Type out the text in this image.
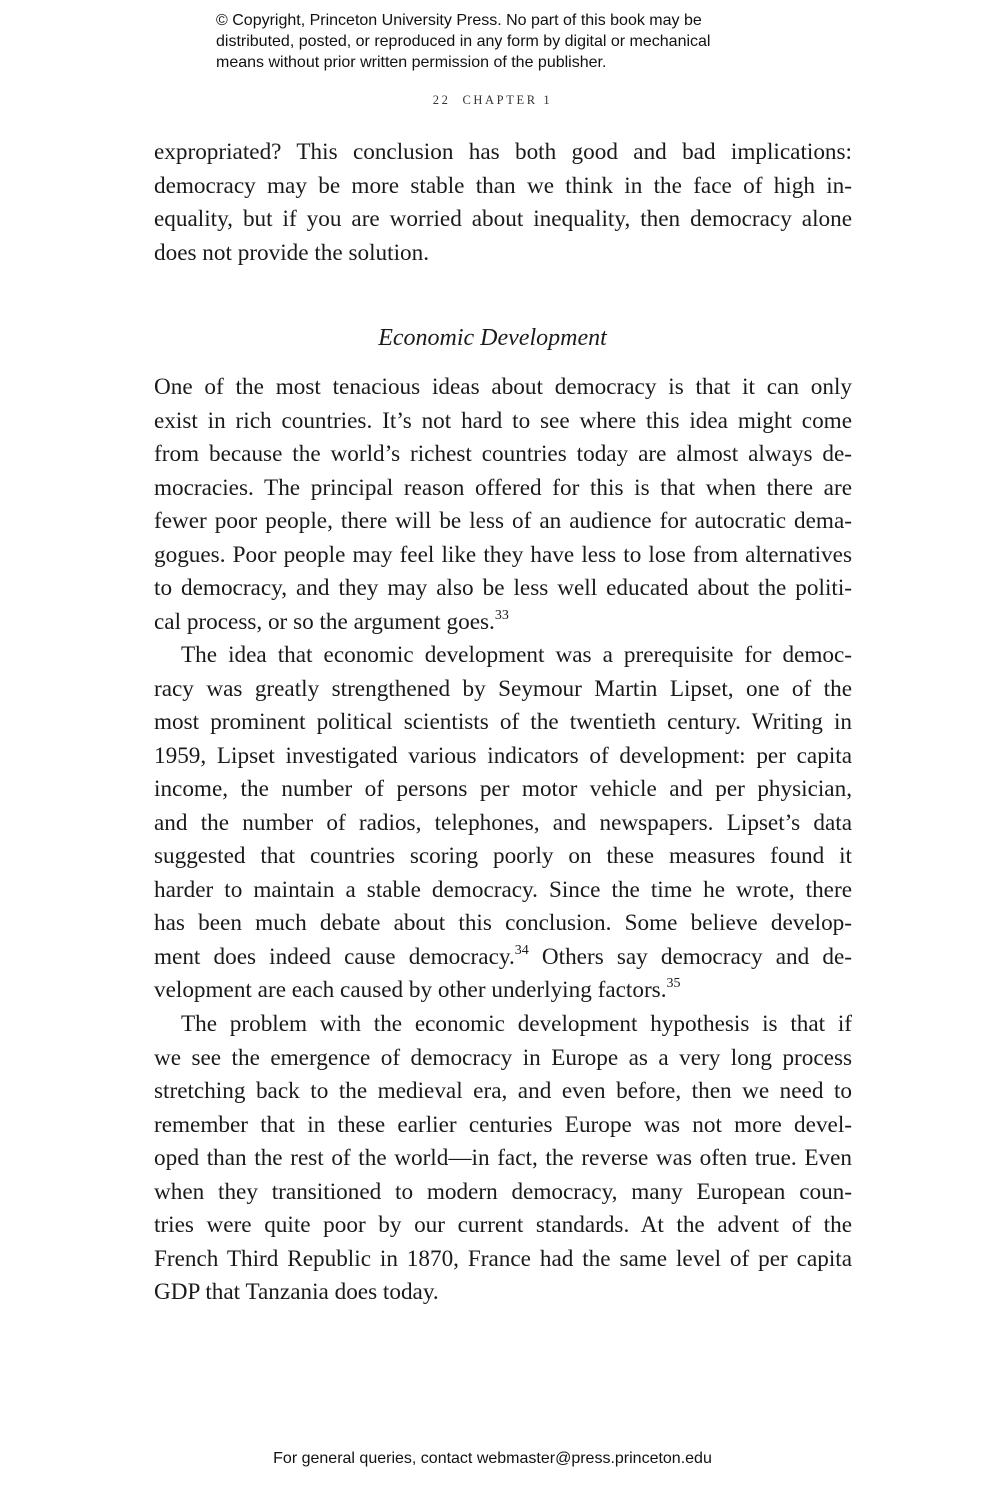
© Copyright, Princeton University Press. No part of this book may be
distributed, posted, or reproduced in any form by digital or mechanical
means without prior written permission of the publisher.
22 CHAPTER 1
expropriated? This conclusion has both good and bad implications:
democracy may be more stable than we think in the face of high in-
equality, but if you are worried about inequality, then democracy alone
does not provide the solution.
Economic Development
One of the most tenacious ideas about democracy is that it can only
exist in rich countries. It’s not hard to see where this idea might come
from because the world’s richest countries today are almost always de-
mocracies. The principal reason offered for this is that when there are
fewer poor people, there will be less of an audience for autocratic dema-
gogues. Poor people may feel like they have less to lose from alternatives
to democracy, and they may also be less well educated about the politi-
cal process, or so the argument goes.$^{33}$
The idea that economic development was a prerequisite for democ-
racy was greatly strengthened by Seymour Martin Lipset, one of the
most prominent political scientists of the twentieth century. Writing in
1959, Lipset investigated various indicators of development: per capita
income, the number of persons per motor vehicle and per physician,
and the number of radios, telephones, and newspapers. Lipset’s data
suggested that countries scoring poorly on these measures found it
harder to maintain a stable democracy. Since the time he wrote, there
has been much debate about this conclusion. Some believe develop-
ment does indeed cause democracy.$^{34}$ Others say democracy and de-
velopment are each caused by other underlying factors.$^{35}$
The problem with the economic development hypothesis is that if
we see the emergence of democracy in Europe as a very long process
stretching back to the medieval era, and even before, then we need to
remember that in these earlier centuries Europe was not more devel-
oped than the rest of the world—in fact, the reverse was often true. Even
when they transitioned to modern democracy, many European coun-
tries were quite poor by our current standards. At the advent of the
French Third Republic in 1870, France had the same level of per capita
GDP that Tanzania does today.
For general queries, contact webmaster@press.princeton.edu
